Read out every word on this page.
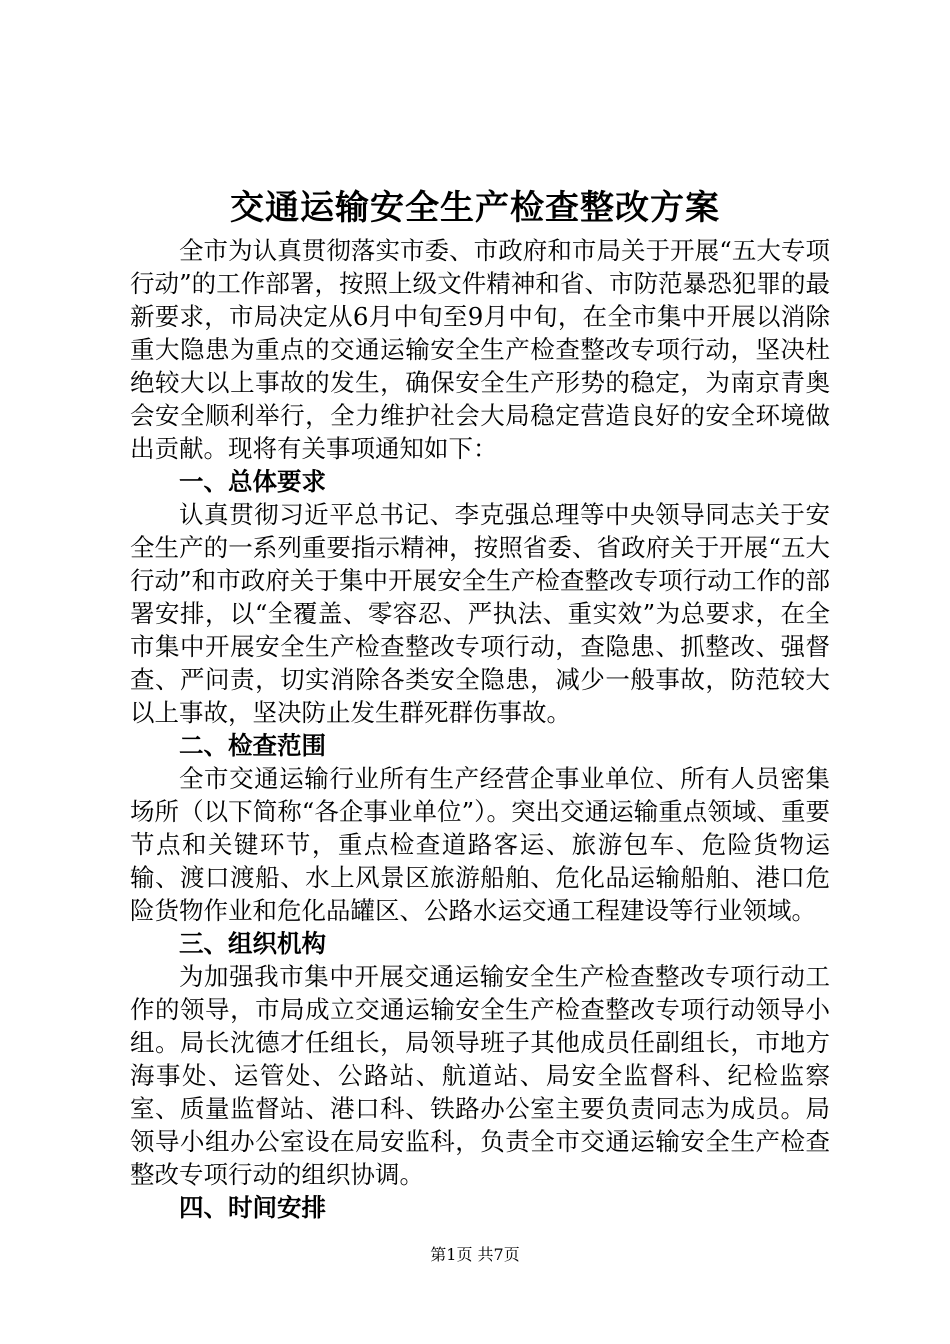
交通运输安全生产检查整改方案

全市为认真贯彻落实市委、市政府和市局关于开展“五大专项行动”的工作部署，按照上级文件精神和省、市防范暴恐犯罪的最新要求，市局决定从6月中旬至9月中旬，在全市集中开展以消除重大隐患为重点的交通运输安全生产检查整改专项行动，坚决杜绝较大以上事故的发生，确保安全生产形势的稳定，为南京青奥会安全顺利举行，全力维护社会大局稳定营造良好的安全环境做出贡献。现将有关事项通知如下：

一、总体要求

认真贯彻习近平总书记、李克强总理等中央领导同志关于安全生产的一系列重要指示精神，按照省委、省政府关于开展“五大行动”和市政府关于集中开展安全生产检查整改专项行动工作的部署安排，以“全覆盖、零容忍、严执法、重实效”为总要求，在全市集中开展安全生产检查整改专项行动，查隐患、抓整改、强督查、严问责，切实消除各类安全隐患，减少一般事故，防范较大以上事故，坚决防止发生群死群伤事故。

二、检查范围

全市交通运输行业所有生产经营企事业单位、所有人员密集场所（以下简称“各企事业单位”）。突出交通运输重点领域、重要节点和关键环节，重点检查道路客运、旅游包车、危险货物运输、渡口渡船、水上风景区旅游船舶、危化品运输船舶、港口危险货物作业和危化品罐区、公路水运交通工程建设等行业领域。

三、组织机构

为加强我市集中开展交通运输安全生产检查整改专项行动工作的领导，市局成立交通运输安全生产检查整改专项行动领导小组。局长沈德才任组长，局领导班子其他成员任副组长，市地方海事处、运管处、公路站、航道站、局安全监督科、纪检监察室、质量监督站、港口科、铁路办公室主要负责同志为成员。局领导小组办公室设在局安监科，负责全市交通运输安全生产检查整改专项行动的组织协调。

四、时间安排

第1页 共7页
